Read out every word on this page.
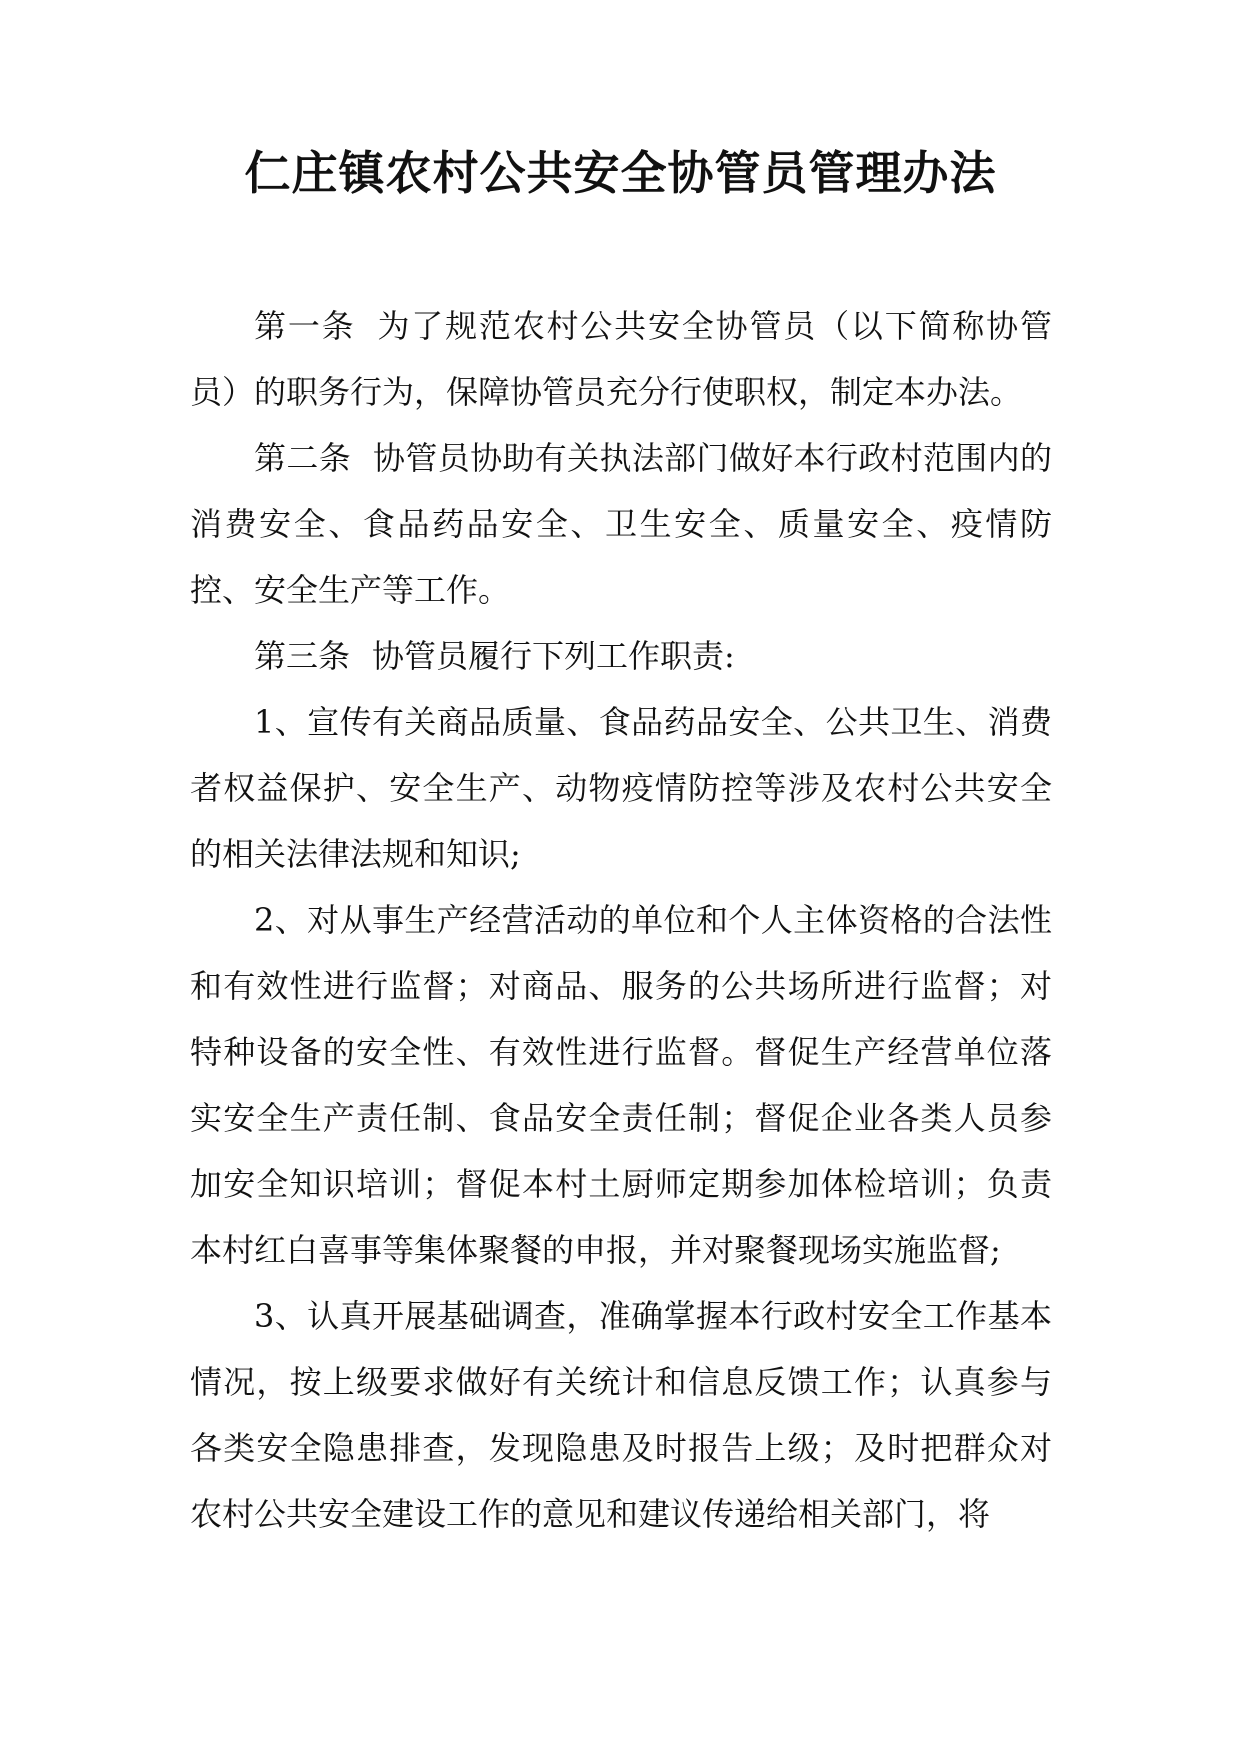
仁庄镇农村公共安全协管员管理办法

第一条 为了规范农村公共安全协管员（以下简称协管员）的职务行为，保障协管员充分行使职权，制定本办法。

第二条 协管员协助有关执法部门做好本行政村范围内的消费安全、食品药品安全、卫生安全、质量安全、疫情防控、安全生产等工作。

第三条 协管员履行下列工作职责:

1、宣传有关商品质量、食品药品安全、公共卫生、消费者权益保护、安全生产、动物疫情防控等涉及农村公共安全的相关法律法规和知识;

2、对从事生产经营活动的单位和个人主体资格的合法性和有效性进行监督；对商品、服务的公共场所进行监督；对特种设备的安全性、有效性进行监督。督促生产经营单位落实安全生产责任制、食品安全责任制；督促企业各类人员参加安全知识培训；督促本村土厨师定期参加体检培训；负责本村红白喜事等集体聚餐的申报，并对聚餐现场实施监督;

3、认真开展基础调查，准确掌握本行政村安全工作基本情况，按上级要求做好有关统计和信息反馈工作；认真参与各类安全隐患排查，发现隐患及时报告上级；及时把群众对农村公共安全建设工作的意见和建议传递给相关部门，将
